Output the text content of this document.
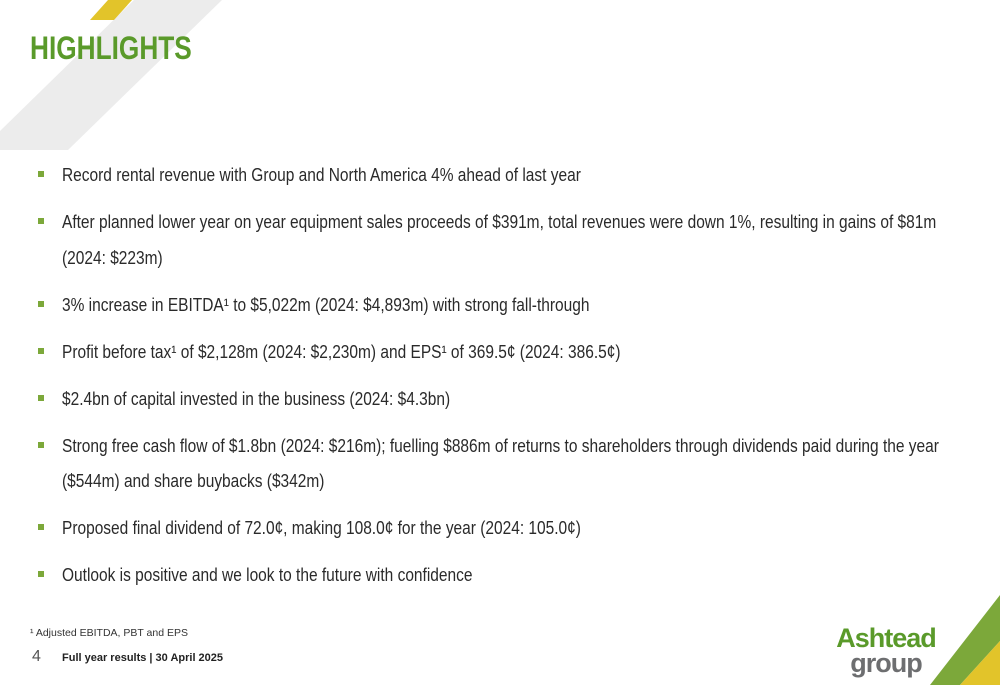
HIGHLIGHTS
Record rental revenue with Group and North America 4% ahead of last year
After planned lower year on year equipment sales proceeds of $391m, total revenues were down 1%, resulting in gains of $81m (2024: $223m)
3% increase in EBITDA¹ to $5,022m (2024: $4,893m) with strong fall-through
Profit before tax¹ of $2,128m (2024: $2,230m) and EPS¹ of 369.5¢ (2024: 386.5¢)
$2.4bn of capital invested in the business (2024: $4.3bn)
Strong free cash flow of $1.8bn (2024: $216m); fuelling $886m of returns to shareholders through dividends paid during the year ($544m) and share buybacks ($342m)
Proposed final dividend of 72.0¢, making 108.0¢ for the year (2024: 105.0¢)
Outlook is positive and we look to the future with confidence
¹ Adjusted EBITDA, PBT and EPS
4 Full year results | 30 April 2025
Ashtead
group
